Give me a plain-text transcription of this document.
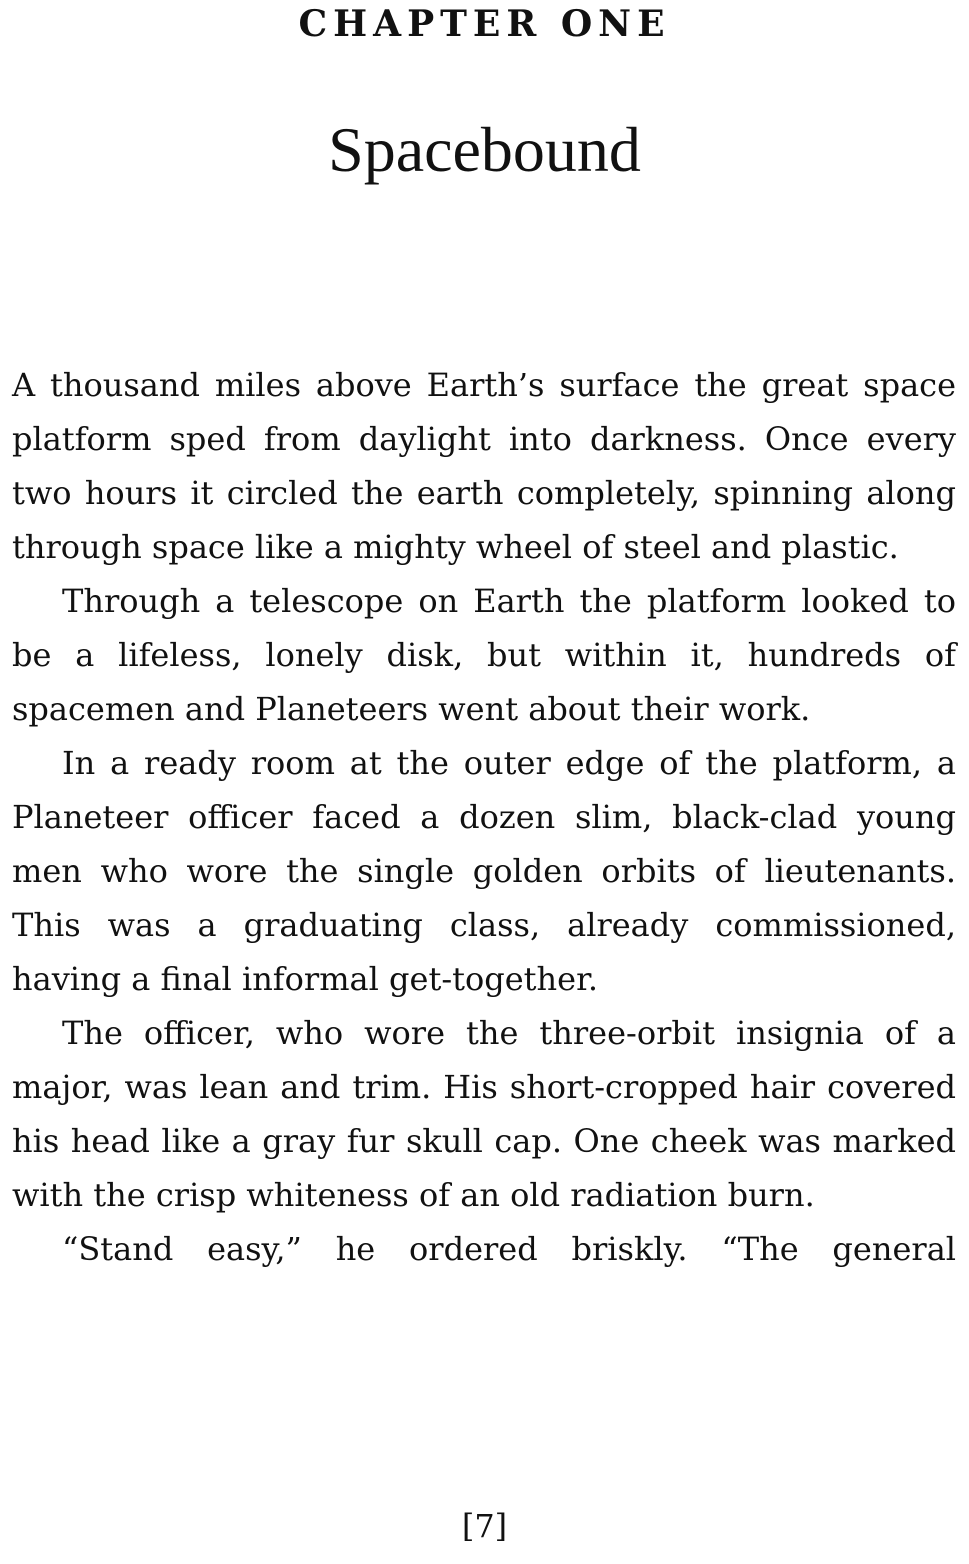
CHAPTER ONE
Spacebound

A thousand miles above Earth’s surface the great space platform sped from daylight into darkness. Once every two hours it circled the earth completely, spinning along through space like a mighty wheel of steel and plastic.

Through a telescope on Earth the platform looked to be a lifeless, lonely disk, but within it, hundreds of spacemen and Planeteers went about their work.

In a ready room at the outer edge of the platform, a Planeteer officer faced a dozen slim, black-clad young men who wore the single golden orbits of lieutenants. This was a graduating class, already commissioned, having a final informal get-together.

The officer, who wore the three-orbit insignia of a major, was lean and trim. His short-cropped hair covered his head like a gray fur skull cap. One cheek was marked with the crisp whiteness of an old radiation burn.

“Stand easy,” he ordered briskly. “The general

[7]
